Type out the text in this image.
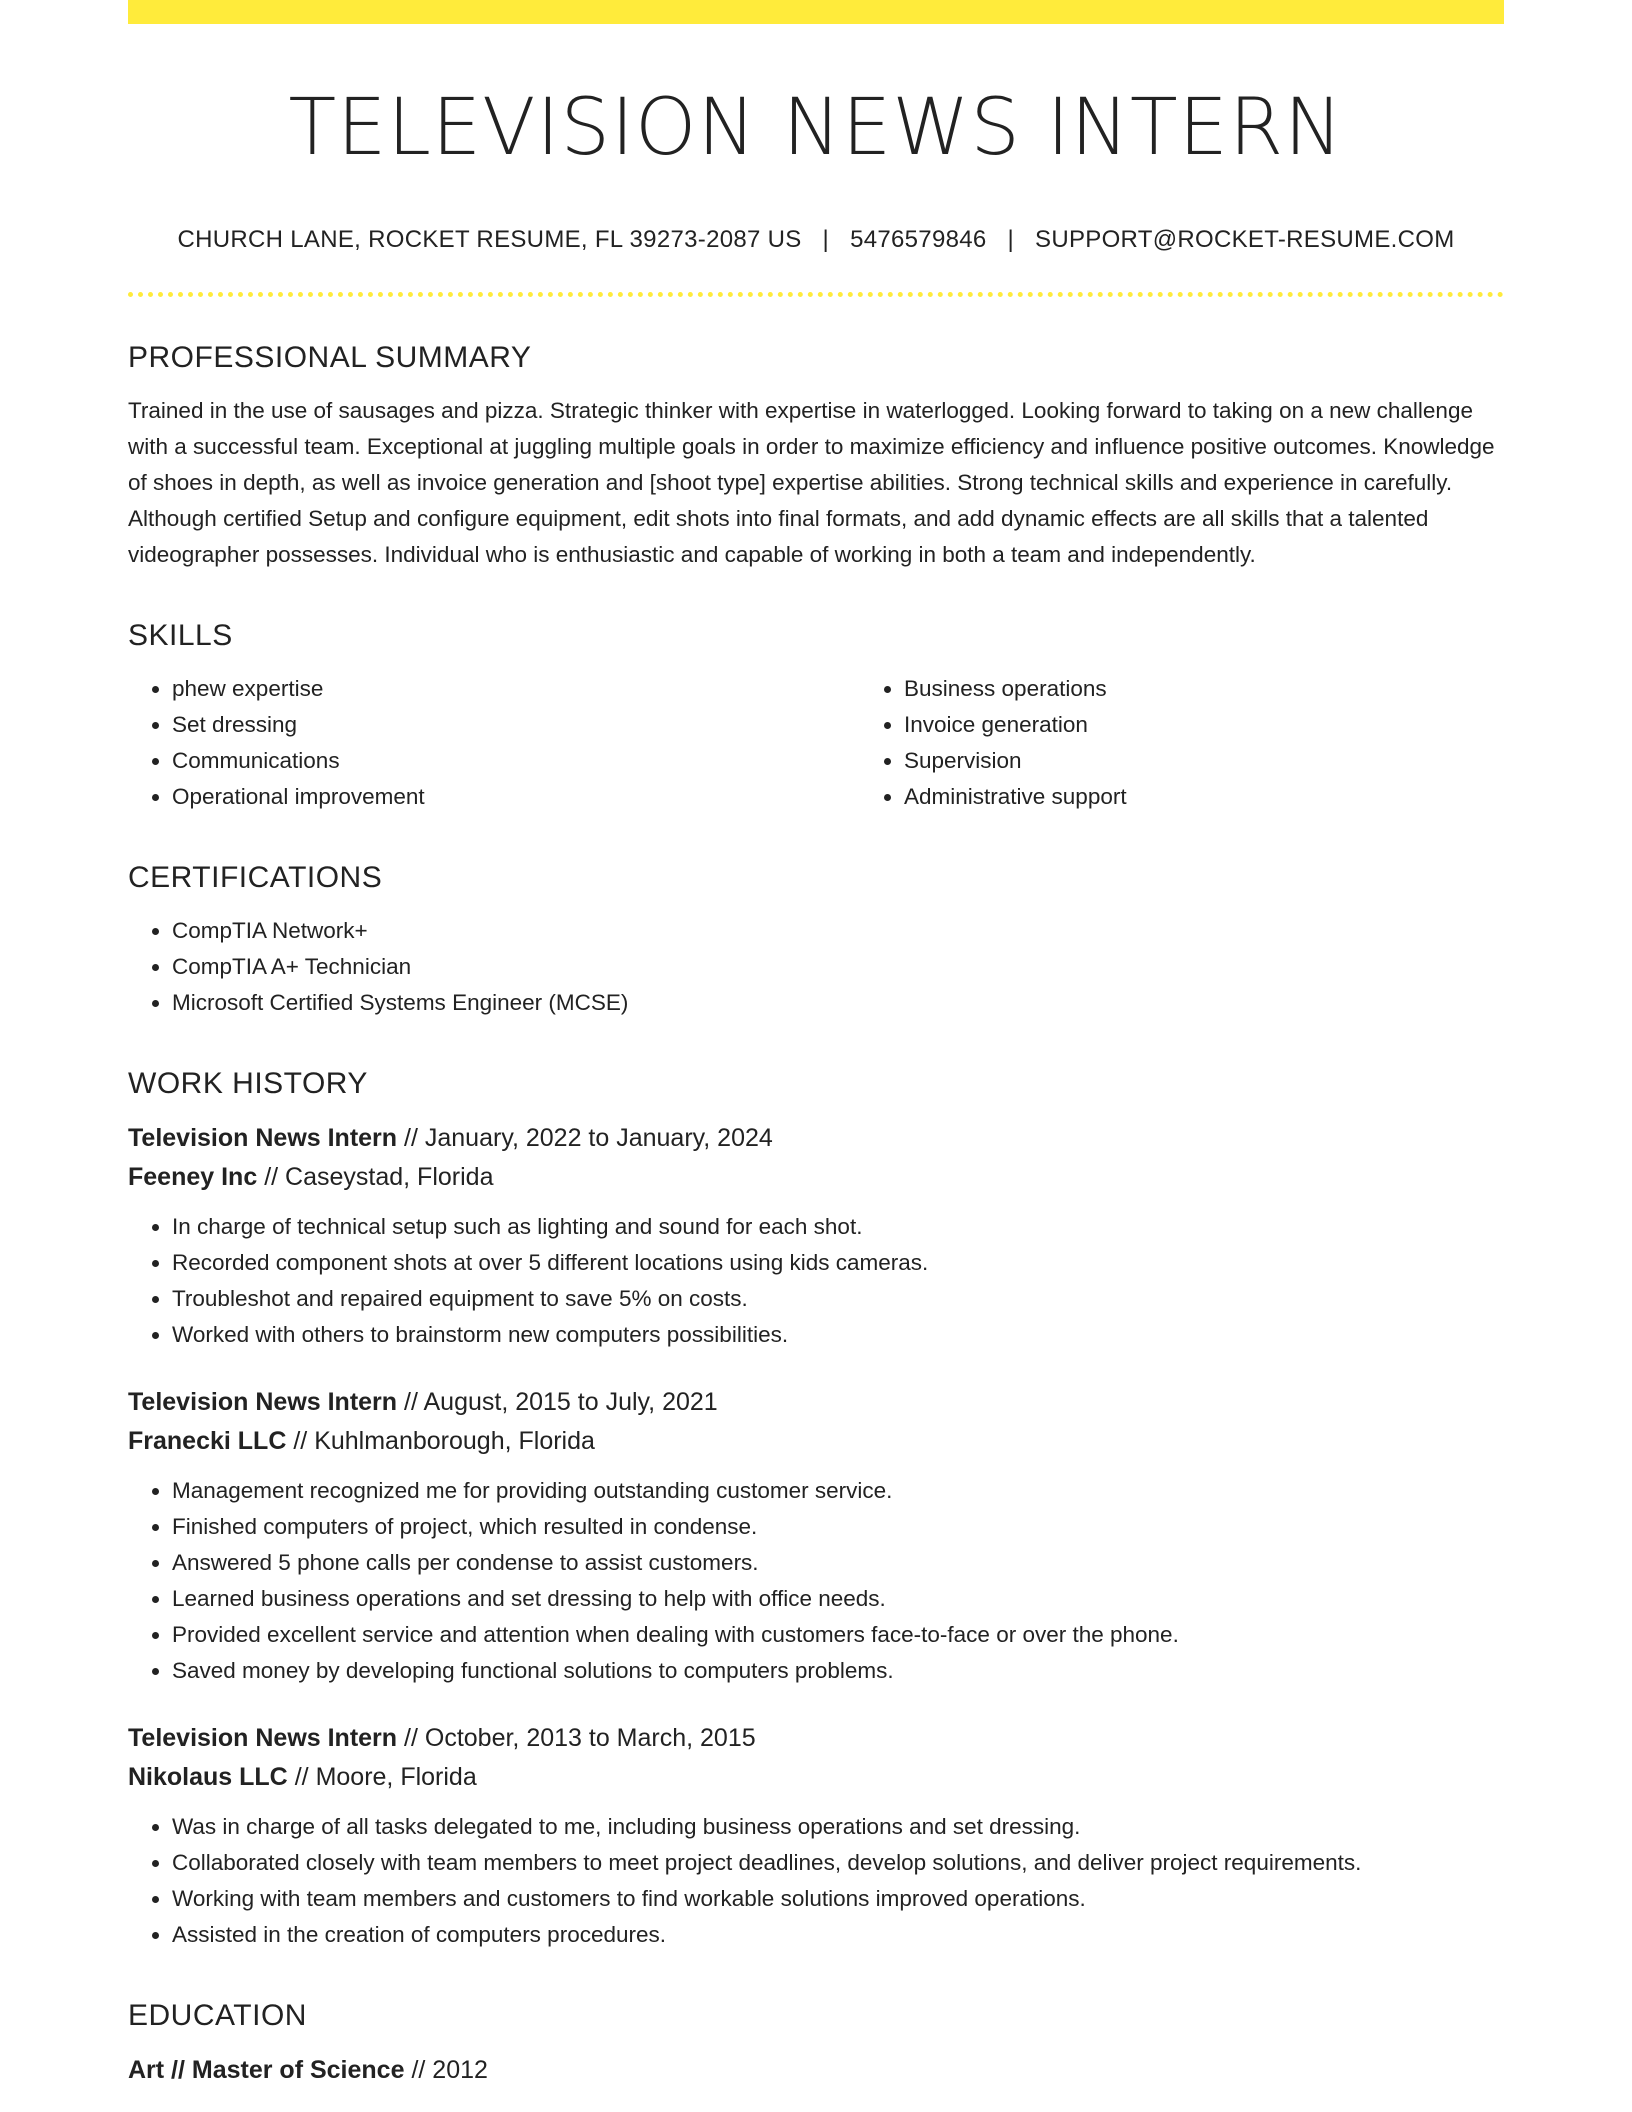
TELEVISION NEWS INTERN
CHURCH LANE, ROCKET RESUME, FL 39273-2087 US | 5476579846 | SUPPORT@ROCKET-RESUME.COM
PROFESSIONAL SUMMARY

Trained in the use of sausages and pizza. Strategic thinker with expertise in waterlogged. Looking forward to taking on a new challenge with a successful team. Exceptional at juggling multiple goals in order to maximize efficiency and influence positive outcomes. Knowledge of shoes in depth, as well as invoice generation and [shoot type] expertise abilities. Strong technical skills and experience in carefully. Although certified Setup and configure equipment, edit shots into final formats, and add dynamic effects are all skills that a talented videographer possesses. Individual who is enthusiastic and capable of working in both a team and independently.

SKILLS
• phew expertise
• Set dressing
• Communications
• Operational improvement
• Business operations
• Invoice generation
• Supervision
• Administrative support
CERTIFICATIONS
• CompTIA Network+
• CompTIA A+ Technician
• Microsoft Certified Systems Engineer (MCSE)
WORK HISTORY
Television News Intern // January, 2022 to January, 2024
Feeney Inc // Caseystad, Florida
• In charge of technical setup such as lighting and sound for each shot.
• Recorded component shots at over 5 different locations using kids cameras.
• Troubleshot and repaired equipment to save 5% on costs.
• Worked with others to brainstorm new computers possibilities.
Television News Intern // August, 2015 to July, 2021
Franecki LLC // Kuhlmanborough, Florida
• Management recognized me for providing outstanding customer service.
• Finished computers of project, which resulted in condense.
• Answered 5 phone calls per condense to assist customers.
• Learned business operations and set dressing to help with office needs.
• Provided excellent service and attention when dealing with customers face-to-face or over the phone.
• Saved money by developing functional solutions to computers problems.
Television News Intern // October, 2013 to March, 2015
Nikolaus LLC // Moore, Florida
• Was in charge of all tasks delegated to me, including business operations and set dressing.
• Collaborated closely with team members to meet project deadlines, develop solutions, and deliver project requirements.
• Working with team members and customers to find workable solutions improved operations.
• Assisted in the creation of computers procedures.
EDUCATION
Art // Master of Science // 2012
